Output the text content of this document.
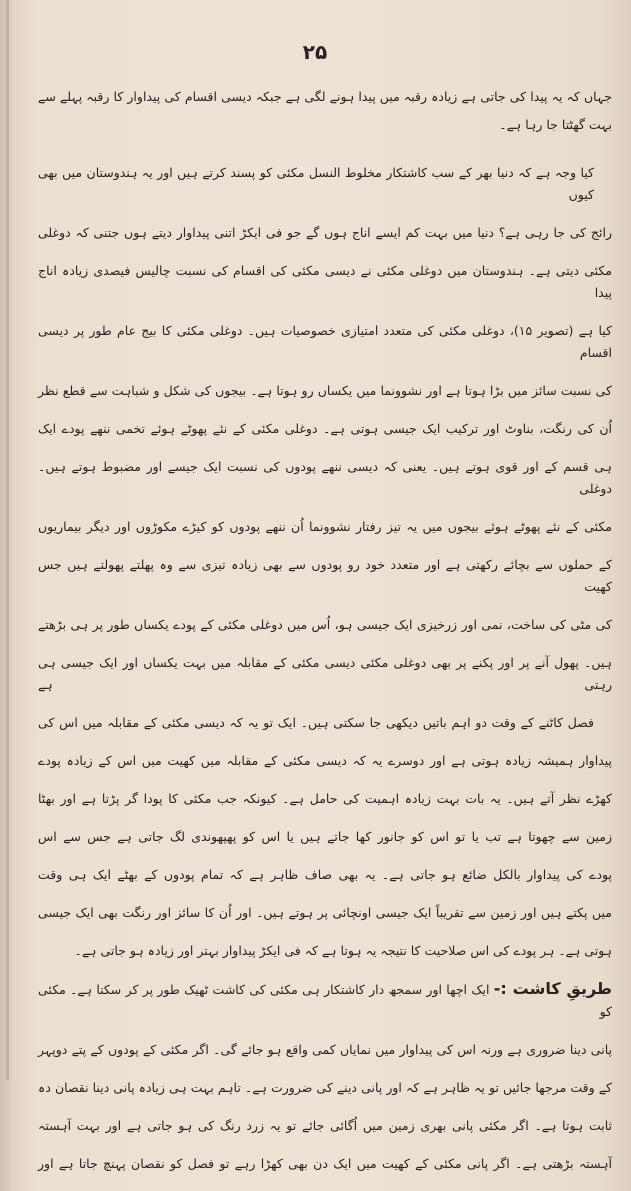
۲۵
جہاں کہ یہ پیدا کی جاتی ہے زیادہ رقبہ میں پیدا ہونے لگی ہے جبکہ دیسی اقسام کی پیداوار کا رقبہ پہلے سے
بہت گھٹتا جا رہا ہے۔
کیا وجہ ہے کہ دنیا بھر کے سب کاشتکار مخلوط النسل مکئی کو پسند کرتے ہیں اور یہ ہندوستان میں بھی کیوں
رائج کی جا رہی ہے؟ دنیا میں بہت کم ایسے اناج ہوں گے جو فی ایکڑ اتنی پیداوار دیتے ہوں جتنی کہ دوغلی
مکئی دیتی ہے۔ ہندوستان میں دوغلی مکئی نے دیسی مکئی کی اقسام کی نسبت چالیس فیصدی زیادہ اناج پیدا
کیا ہے (تصویر ۱۵)، دوغلی مکئی کی متعدد امتیازی خصوصیات ہیں۔ دوغلی مکئی کا بیج عام طور پر دیسی اقسام
کی نسبت سائز میں بڑا ہوتا ہے اور نشوونما میں یکساں رو ہوتا ہے۔ بیجوں کی شکل و شباہت سے قطع نظر
اُن کی رنگت، بناوٹ اور ترکیب ایک جیسی ہوتی ہے۔ دوغلی مکئی کے نئے پھوٹے ہوئے تخمی ننھے پودے ایک
ہی قسم کے اور قوی ہوتے ہیں۔ یعنی کہ دیسی ننھے پودوں کی نسبت ایک جیسے اور مضبوط ہوتے ہیں۔ دوغلی
مکئی کے نئے پھوٹے ہوئے بیجوں میں یہ تیز رفتار نشوونما اُن ننھے پودوں کو کیڑے مکوڑوں اور دیگر بیماریوں
کے حملوں سے بچائے رکھتی ہے اور متعدد خود رو پودوں سے بھی زیادہ تیزی سے وہ پھلتے پھولتے ہیں جس کھیت
کی مٹی کی ساخت، نمی اور زرخیزی ایک جیسی ہو، اُس میں دوغلی مکئی کے پودے یکساں طور پر ہی بڑھتے
ہیں۔ پھول آنے پر اور پکنے پر بھی دوغلی مکئی دیسی مکئی کے مقابلہ میں بہت یکساں اور ایک جیسی ہی رہتی ہے
فصل کاٹنے کے وقت دو اہم باتیں دیکھی جا سکتی ہیں۔ ایک تو یہ کہ دیسی مکئی کے مقابلہ میں اس کی
پیداوار ہمیشہ زیادہ ہوتی ہے اور دوسرے یہ کہ دیسی مکئی کے مقابلہ میں کھیت میں اس کے زیادہ پودے
کھڑے نظر آتے ہیں۔ یہ بات بہت زیادہ اہمیت کی حامل ہے۔ کیونکہ جب مکئی کا پودا گر پڑتا ہے اور بھٹا
زمین سے چھوتا ہے تب یا تو اس کو جانور کھا جاتے ہیں یا اس کو پھپھوندی لگ جاتی ہے جس سے اس
پودے کی پیداوار بالکل ضائع ہو جاتی ہے۔ یہ بھی صاف ظاہر ہے کہ تمام پودوں کے بھٹے ایک ہی وقت
میں پکتے ہیں اور زمین سے تقریباً ایک جیسی اونچائی پر ہوتے ہیں۔ اور اُن کا سائز اور رنگت بھی ایک جیسی
ہوتی ہے۔ ہر پودے کی اس صلاحیت کا نتیجہ یہ ہوتا ہے کہ فی ایکڑ پیداوار بہتر اور زیادہ ہو جاتی ہے۔
طریقِ کاشت :- ایک اچھا اور سمجھ دار کاشتکار ہی مکئی کی کاشت ٹھیک طور پر کر سکتا ہے۔ مکئی کو
پانی دینا ضروری ہے ورنہ اس کی پیداوار میں نمایاں کمی واقع ہو جائے گی۔ اگر مکئی کے پودوں کے پتے دوپہر
کے وقت مرجھا جائیں تو یہ ظاہر ہے کہ اور پانی دینے کی ضرورت ہے۔ تاہم بہت ہی زیادہ پانی دینا نقصان دہ
ثابت ہوتا ہے۔ اگر مکئی پانی بھری زمین میں اُگائی جائے تو یہ زرد رنگ کی ہو جاتی ہے اور بہت آہستہ
آہستہ بڑھتی ہے۔ اگر پانی مکئی کے کھیت میں ایک دن بھی کھڑا رہے تو فصل کو نقصان پہنچ جاتا ہے اور
